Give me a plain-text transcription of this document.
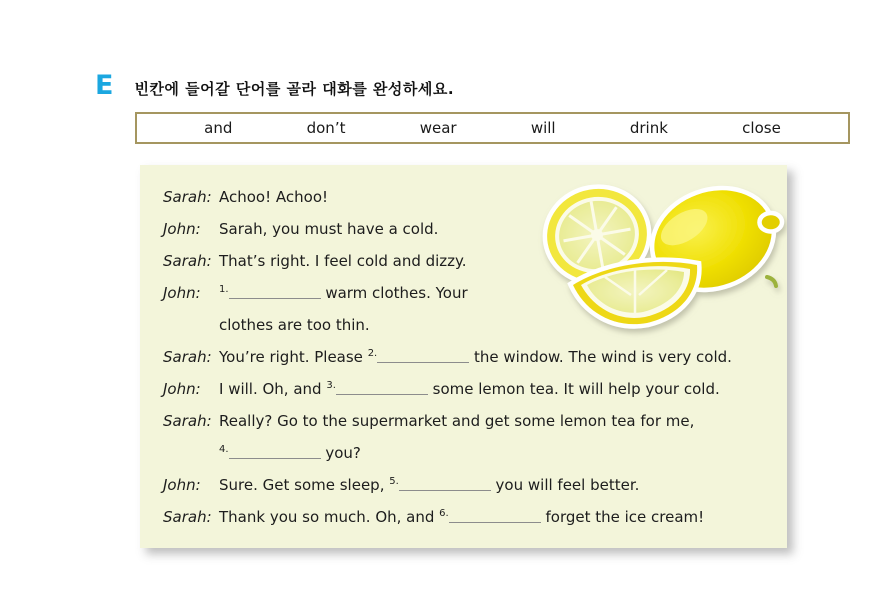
E 빈칸에 들어갈 단어를 골라 대화를 완성하세요.
and	don’t	wear	will	drink	close
Sarah: Achoo! Achoo!
John:	Sarah, you must have a cold.
Sarah: That’s right. I feel cold and dizzy.
John:	$^{1.}$	warm clothes. Your
clothes are too thin.
Sarah: You’re right. Please $^{2.}$	the window. The wind is very cold.
John:	I will. Oh, and $^{3.}$	some lemon tea. It will help your cold.
Sarah: Really? Go to the supermarket and get some lemon tea for me,
$^{4.}$	you?
John:	Sure. Get some sleep, $^{5.}$	you will feel better.
Sarah: Thank you so much. Oh, and $^{6.}$	forget the ice cream!
